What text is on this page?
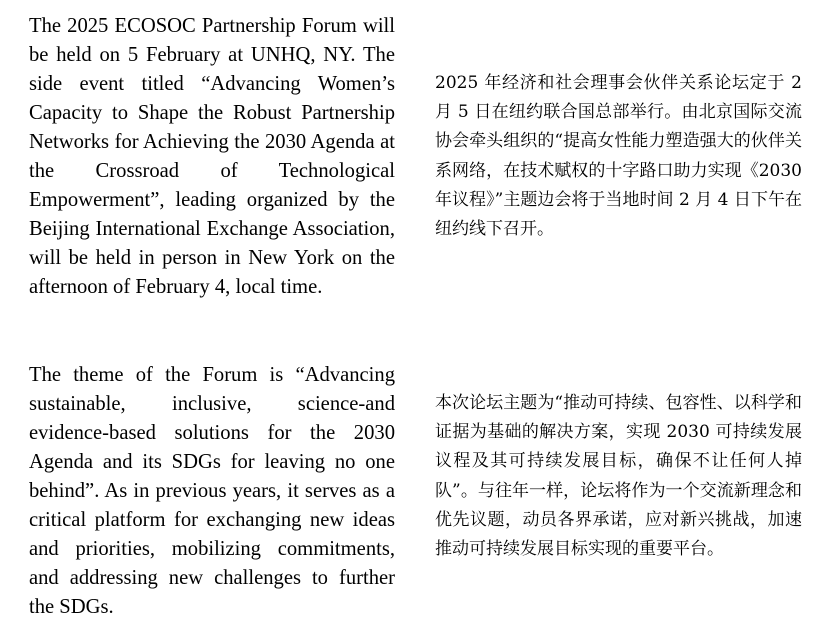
The 2025 ECOSOC Partnership Forum will be held on 5 February at UNHQ, NY. The side event titled “Advancing Women’s Capacity to Shape the Robust Partnership Networks for Achieving the 2030 Agenda at the Crossroad of Technological Empowerment”, leading organized by the Beijing International Exchange Association, will be held in person in New York on the afternoon of February 4, local time.

The theme of the Forum is “Advancing sustainable, inclusive, science-and evidence-based solutions for the 2030 Agenda and its SDGs for leaving no one behind”. As in previous years, it serves as a critical platform for exchanging new ideas and priorities, mobilizing commitments, and addressing new challenges to further the SDGs.

2025 年经济和社会理事会伙伴关系论坛定于 2 月 5 日在纽约联合国总部举行。由北京国际交流协会牵头组织的“提高女性能力塑造强大的伙伴关系网络，在技术赋权的十字路口助力实现《2030 年议程》”主题边会将于当地时间 2 月 4 日下午在纽约线下召开。

本次论坛主题为“推动可持续、包容性、以科学和证据为基础的解决方案，实现 2030 可持续发展议程及其可持续发展目标，确保不让任何人掉队”。与往年一样，论坛将作为一个交流新理念和优先议题，动员各界承诺，应对新兴挑战，加速推动可持续发展目标实现的重要平台。
